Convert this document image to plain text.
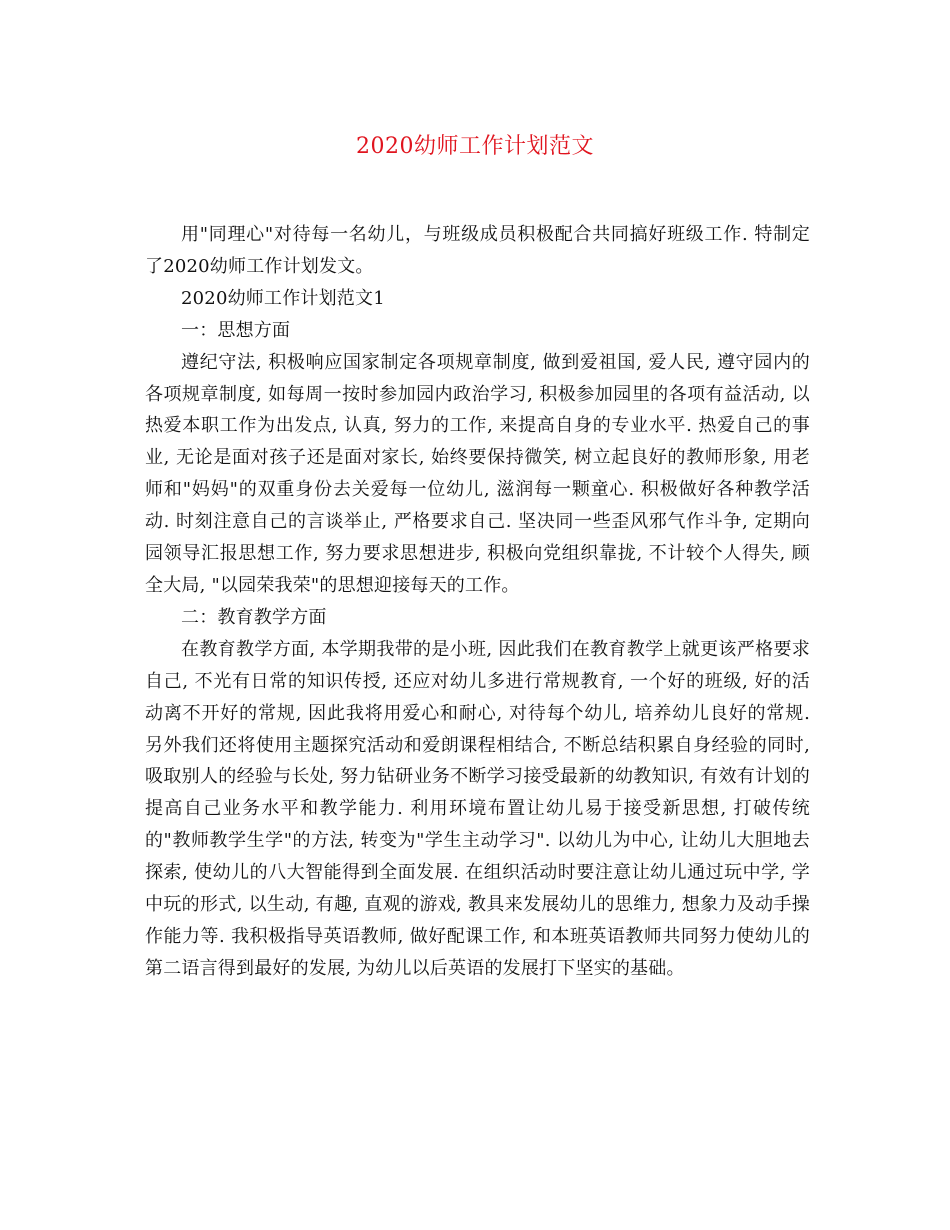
2020幼师工作计划范文

用"同理心"对待每一名幼儿，与班级成员积极配合共同搞好班级工作. 特制定了2020幼师工作计划发文。

2020幼师工作计划范文1

一：思想方面

遵纪守法, 积极响应国家制定各项规章制度, 做到爱祖国, 爱人民, 遵守园内的各项规章制度, 如每周一按时参加园内政治学习, 积极参加园里的各项有益活动, 以热爱本职工作为出发点, 认真, 努力的工作, 来提高自身的专业水平. 热爱自己的事业, 无论是面对孩子还是面对家长, 始终要保持微笑, 树立起良好的教师形象, 用老师和"妈妈"的双重身份去关爱每一位幼儿, 滋润每一颗童心. 积极做好各种教学活动. 时刻注意自己的言谈举止, 严格要求自己. 坚决同一些歪风邪气作斗争, 定期向园领导汇报思想工作, 努力要求思想进步, 积极向党组织靠拢, 不计较个人得失, 顾全大局, "以园荣我荣"的思想迎接每天的工作。

二：教育教学方面

在教育教学方面, 本学期我带的是小班, 因此我们在教育教学上就更该严格要求自己, 不光有日常的知识传授, 还应对幼儿多进行常规教育, 一个好的班级, 好的活动离不开好的常规, 因此我将用爱心和耐心, 对待每个幼儿, 培养幼儿良好的常规. 另外我们还将使用主题探究活动和爱朗课程相结合, 不断总结积累自身经验的同时, 吸取别人的经验与长处, 努力钻研业务不断学习接受最新的幼教知识, 有效有计划的提高自己业务水平和教学能力. 利用环境布置让幼儿易于接受新思想, 打破传统的"教师教学生学"的方法, 转变为"学生主动学习". 以幼儿为中心, 让幼儿大胆地去探索, 使幼儿的八大智能得到全面发展. 在组织活动时要注意让幼儿通过玩中学, 学中玩的形式, 以生动, 有趣, 直观的游戏, 教具来发展幼儿的思维力, 想象力及动手操作能力等. 我积极指导英语教师, 做好配课工作, 和本班英语教师共同努力使幼儿的第二语言得到最好的发展, 为幼儿以后英语的发展打下坚实的基础。
